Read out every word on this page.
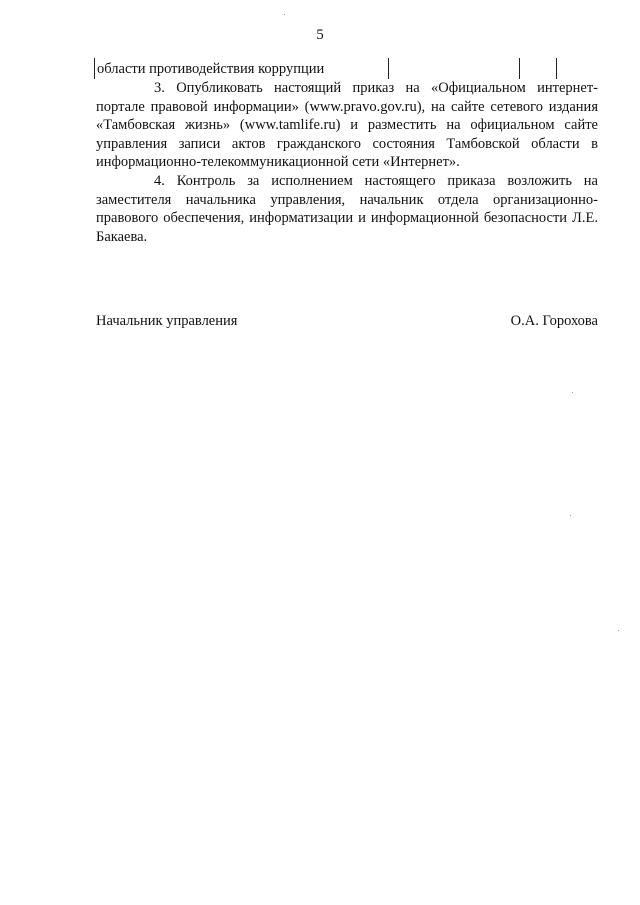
5
области противодействия коррупции

3. Опубликовать настоящий приказ на «Официальном интернет-портале правовой информации» (www.pravo.gov.ru), на сайте сетевого издания «Тамбовская жизнь» (www.tamlife.ru) и разместить на официальном сайте управления записи актов гражданского состояния Тамбовской области в информационно-телекоммуникационной сети «Интернет».

4. Контроль за исполнением настоящего приказа возложить на заместителя начальника управления, начальник отдела организационно-правового обеспечения, информатизации и информационной безопасности Л.Е. Бакаева.

Начальник управления	О.А. Горохова
